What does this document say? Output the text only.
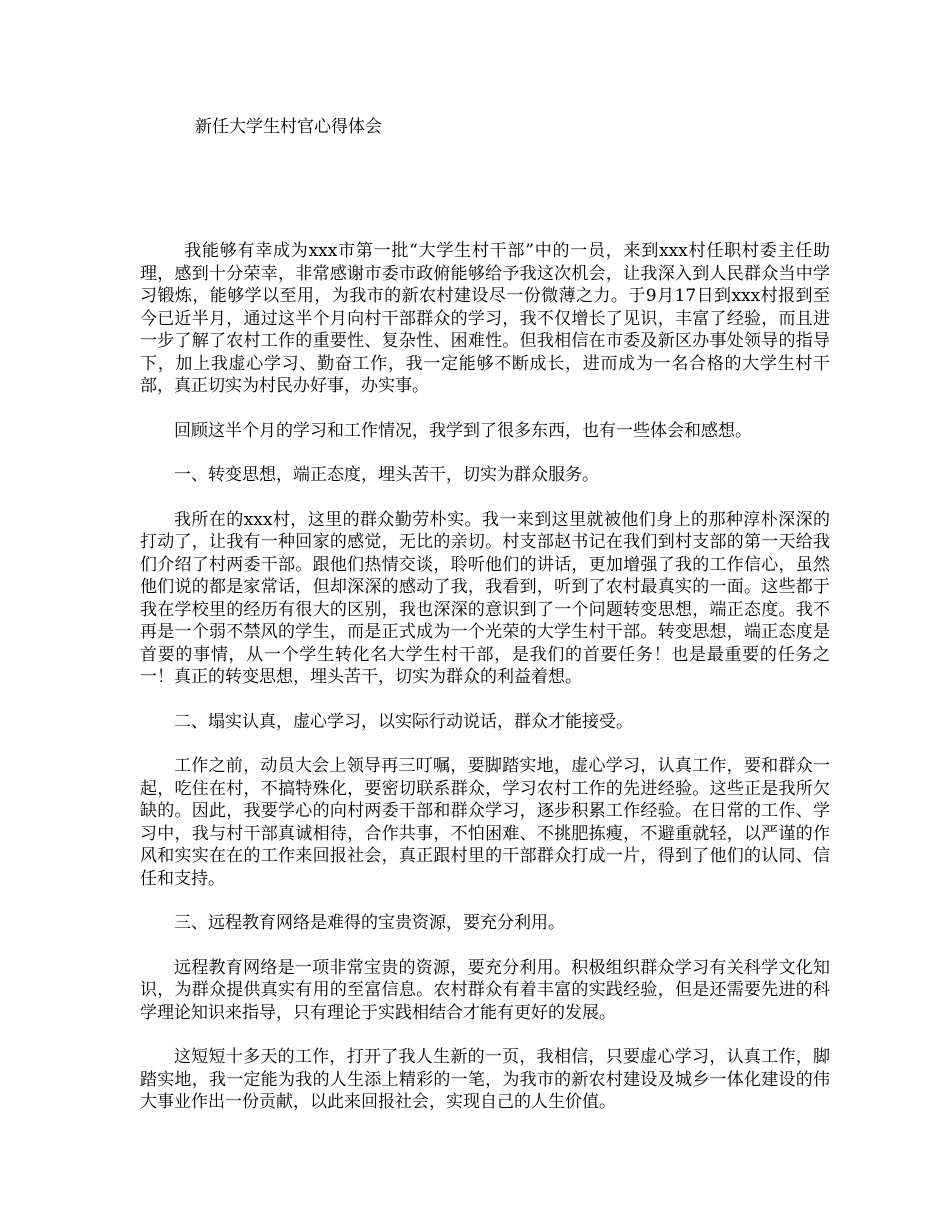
新任大学生村官心得体会

我能够有幸成为xxx市第一批“大学生村干部”中的一员，来到xxx村任职村委主任助理，感到十分荣幸，非常感谢市委市政俯能够给予我这次机会，让我深入到人民群众当中学习锻炼，能够学以至用，为我市的新农村建设尽一份微薄之力。于9月17日到xxx村报到至今已近半月，通过这半个月向村干部群众的学习，我不仅增长了见识，丰富了经验，而且进一步了解了农村工作的重要性、复杂性、困难性。但我相信在市委及新区办事处领导的指导下，加上我虚心学习、勤奋工作，我一定能够不断成长，进而成为一名合格的大学生村干部，真正切实为村民办好事，办实事。

回顾这半个月的学习和工作情况，我学到了很多东西，也有一些体会和感想。

一、转变思想，端正态度，埋头苦干，切实为群众服务。

我所在的xxx村，这里的群众勤劳朴实。我一来到这里就被他们身上的那种淳朴深深的打动了，让我有一种回家的感觉，无比的亲切。村支部赵书记在我们到村支部的第一天给我们介绍了村两委干部。跟他们热情交谈，聆听他们的讲话，更加增强了我的工作信心，虽然他们说的都是家常话，但却深深的感动了我，我看到，听到了农村最真实的一面。这些都于我在学校里的经历有很大的区别，我也深深的意识到了一个问题转变思想，端正态度。我不再是一个弱不禁风的学生，而是正式成为一个光荣的大学生村干部。转变思想，端正态度是首要的事情，从一个学生转化名大学生村干部，是我们的首要任务！也是最重要的任务之一！真正的转变思想，埋头苦干，切实为群众的利益着想。

二、塌实认真，虚心学习，以实际行动说话，群众才能接受。

工作之前，动员大会上领导再三叮嘱，要脚踏实地，虚心学习，认真工作，要和群众一起，吃住在村，不搞特殊化，要密切联系群众，学习农村工作的先进经验。这些正是我所欠缺的。因此，我要学心的向村两委干部和群众学习，逐步积累工作经验。在日常的工作、学习中，我与村干部真诚相待，合作共事，不怕困难、不挑肥拣瘦，不避重就轻，以严谨的作风和实实在在的工作来回报社会，真正跟村里的干部群众打成一片，得到了他们的认同、信任和支持。

三、远程教育网络是难得的宝贵资源，要充分利用。

远程教育网络是一项非常宝贵的资源，要充分利用。积极组织群众学习有关科学文化知识，为群众提供真实有用的至富信息。农村群众有着丰富的实践经验，但是还需要先进的科学理论知识来指导，只有理论于实践相结合才能有更好的发展。

这短短十多天的工作，打开了我人生新的一页，我相信，只要虚心学习，认真工作，脚踏实地，我一定能为我的人生添上精彩的一笔，为我市的新农村建设及城乡一体化建设的伟大事业作出一份贡献，以此来回报社会，实现自己的人生价值。
